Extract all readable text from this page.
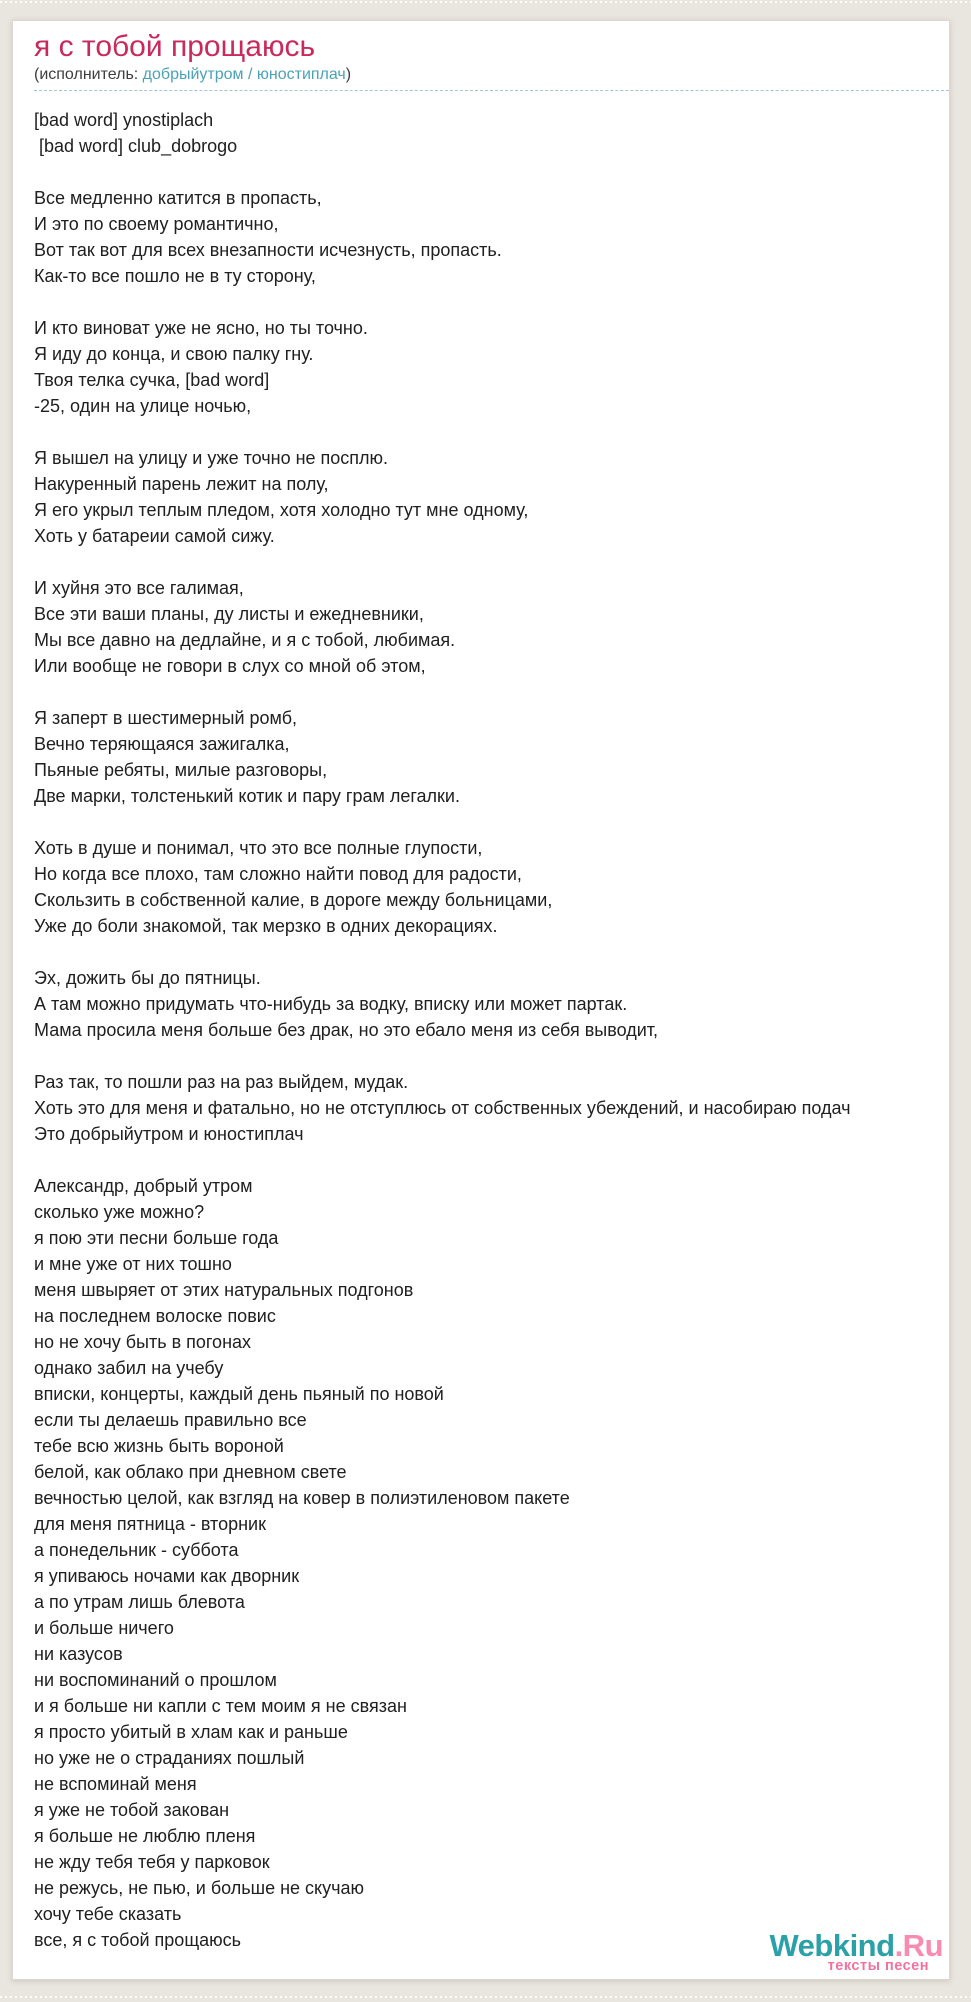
я с тобой прощаюсь
(исполнитель: добрыйутром / юностиплач)
[bad word] ynostiplach
[bad word] club_dobrogo
Все медленно катится в пропасть,
И это по своему романтично,
Вот так вот для всех внезапности исчезнусть, пропасть.
Как-то все пошло не в ту сторону,
И кто виноват уже не ясно, но ты точно.
Я иду до конца, и свою палку гну.
Твоя телка сучка, [bad word]
-25, один на улице ночью,
Я вышел на улицу и уже точно не посплю.
Накуренный парень лежит на полу,
Я его укрыл теплым пледом, хотя холодно тут мне одному,
Хоть у батареии самой сижу.
И хуйня это все галимая,
Все эти ваши планы, ду листы и ежедневники,
Мы все давно на дедлайне, и я с тобой, любимая.
Или вообще не говори в слух со мной об этом,
Я заперт в шестимерный ромб,
Вечно теряющаяся зажигалка,
Пьяные ребяты, милые разговоры,
Две марки, толстенький котик и пару грам легалки.
Хоть в душе и понимал, что это все полные глупости,
Но когда все плохо, там сложно найти повод для радости,
Скользить в собственной калие, в дороге между больницами,
Уже до боли знакомой, так мерзко в одних декорациях.
Эх, дожить бы до пятницы.
А там можно придумать что-нибудь за водку, вписку или может партак.
Мама просила меня больше без драк, но это ебало меня из себя выводит,
Раз так, то пошли раз на раз выйдем, мудак.
Хоть это для меня и фатально, но не отступлюсь от собственных убеждений, и насобираю подач
Это добрыйутром и юностиплач
Александр, добрый утром
сколько уже можно?
я пою эти песни больше года
и мне уже от них тошно
меня швыряет от этих натуральных подгонов
на последнем волоске повис
но не хочу быть в погонах
однако забил на учебу
вписки, концерты, каждый день пьяный по новой
если ты делаешь правильно все
тебе всю жизнь быть вороной
белой, как облако при дневном свете
вечностью целой, как взгляд на ковер в полиэтиленовом пакете
для меня пятница - вторник
а понедельник - суббота
я упиваюсь ночами как дворник
а по утрам лишь блевота
и больше ничего
ни казусов
ни воспоминаний о прошлом
и я больше ни капли с тем моим я не связан
я просто убитый в хлам как и раньше
но уже не о страданиях пошлый
не вспоминай меня
я уже не тобой закован
я больше не люблю пленя
не жду тебя тебя у парковок
не режусь, не пью, и больше не скучаю
хочу тебе сказать
все, я с тобой прощаюсь	Webkind.Ru
тексты песен
